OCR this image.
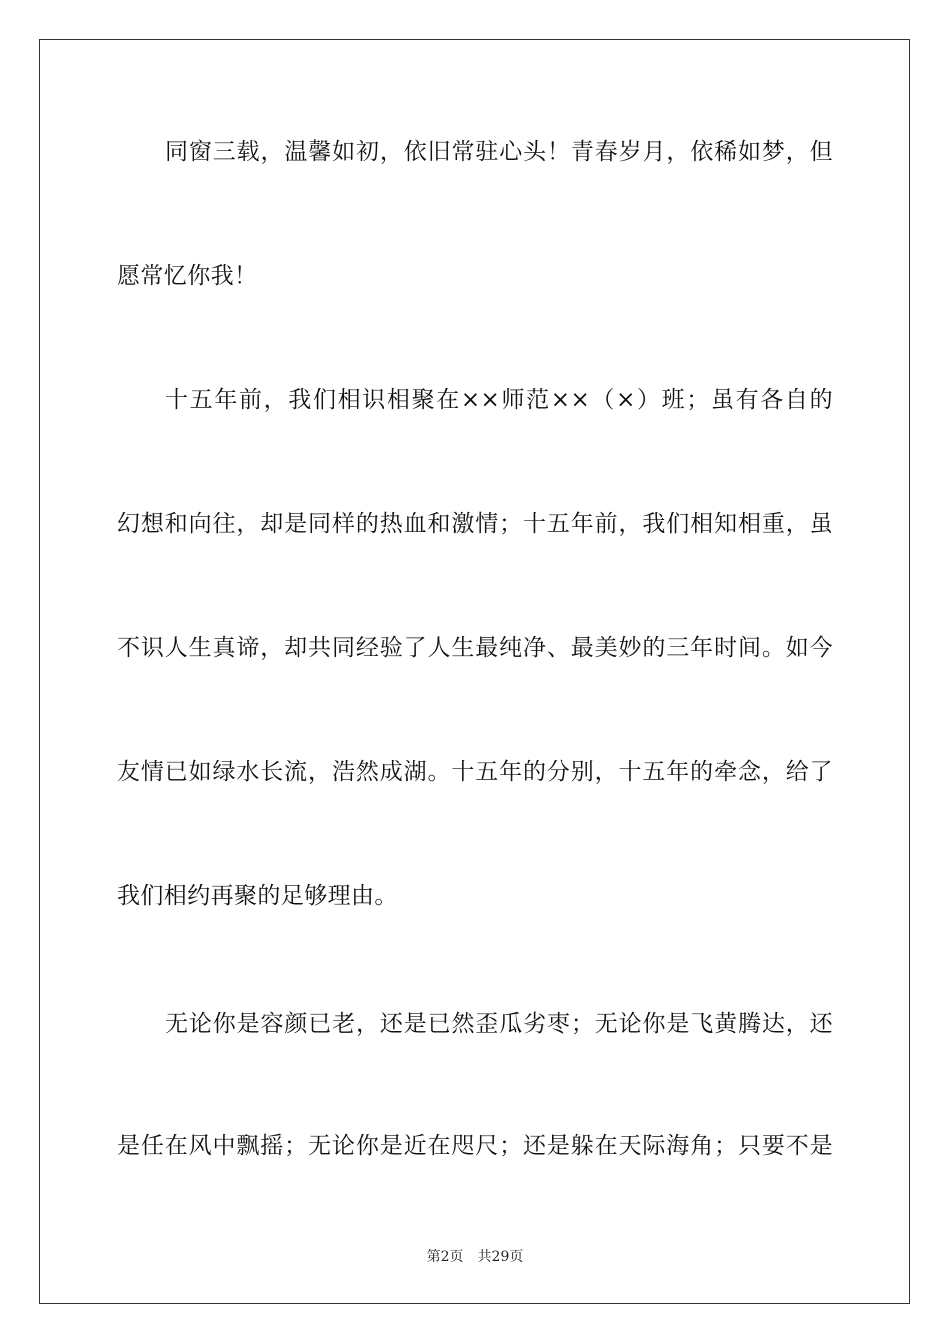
同窗三载，温馨如初，依旧常驻心头！青春岁月，依稀如梦，但

愿常忆你我！

十五年前，我们相识相聚在××师范××（×）班；虽有各自的

幻想和向往，却是同样的热血和激情；十五年前，我们相知相重，虽

不识人生真谛，却共同经验了人生最纯净、最美妙的三年时间。如今

友情已如绿水长流，浩然成湖。十五年的分别，十五年的牵念，给了

我们相约再聚的足够理由。

无论你是容颜已老，还是已然歪瓜劣枣；无论你是飞黄腾达，还

是任在风中飘摇；无论你是近在咫尺；还是躲在天际海角；只要不是

第2页 共29页
